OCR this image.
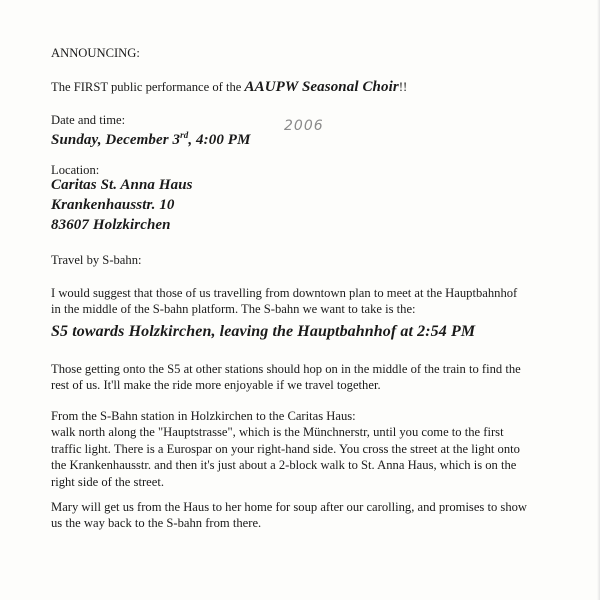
ANNOUNCING:
The FIRST public performance of the AAUPW Seasonal Choir!!
Date and time:
Sunday, December 3rd, 4:00 PM
2006
Location:
Caritas St. Anna Haus
Krankenhausstr. 10
83607 Holzkirchen
Travel by S-bahn:
I would suggest that those of us travelling from downtown plan to meet at the Hauptbahnhof
in the middle of the S-bahn platform. The S-bahn we want to take is the:
S5 towards Holzkirchen, leaving the Hauptbahnhof at 2:54 PM
Those getting onto the S5 at other stations should hop on in the middle of the train to find the
rest of us. It'll make the ride more enjoyable if we travel together.
From the S-Bahn station in Holzkirchen to the Caritas Haus:
walk north along the "Hauptstrasse", which is the Münchnerstr, until you come to the first
traffic light. There is a Eurospar on your right-hand side. You cross the street at the light onto
the Krankenhausstr. and then it's just about a 2-block walk to St. Anna Haus, which is on the
right side of the street.
Mary will get us from the Haus to her home for soup after our carolling, and promises to show
us the way back to the S-bahn from there.
